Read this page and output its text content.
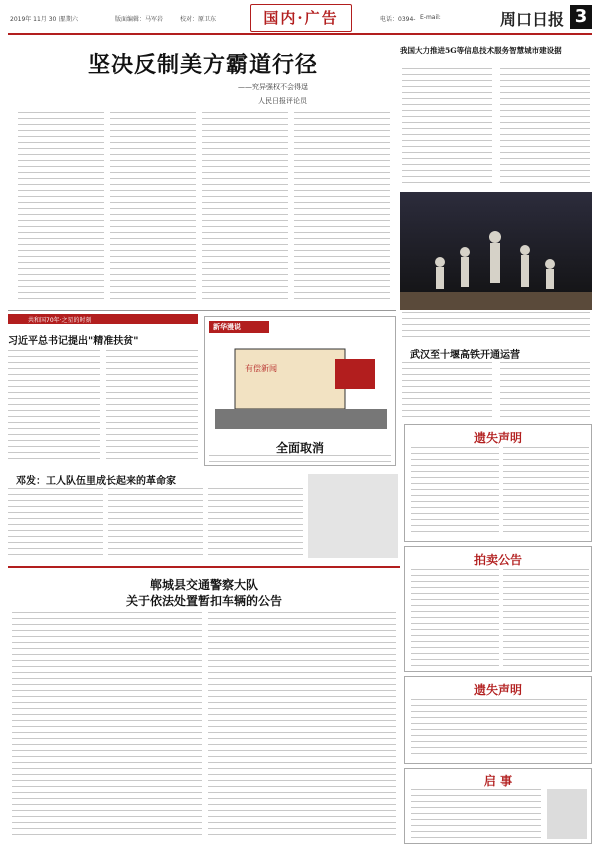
2019年 11月 30 日
星期六	版面编辑：马军岩	校对：原卫东	国内·广告	电话：0394- E-mail:	周口日报 3
坚决反制美方霸道行径
——究异强权不会得逞
人民日报评论员
我国大力推进5G等信息技术服务智慧城市建设据
共和国70年·之星的时刻
习近平总书记提出"精准扶贫"
新华漫说
有偿新闻
全面取消
武汉至十堰高铁开通运营
邓发：工人队伍里成长起来的革命家
遗失声明
郸城县交通警察大队
关于依法处置暂扣车辆的公告
拍卖公告
遗失声明
启 事
